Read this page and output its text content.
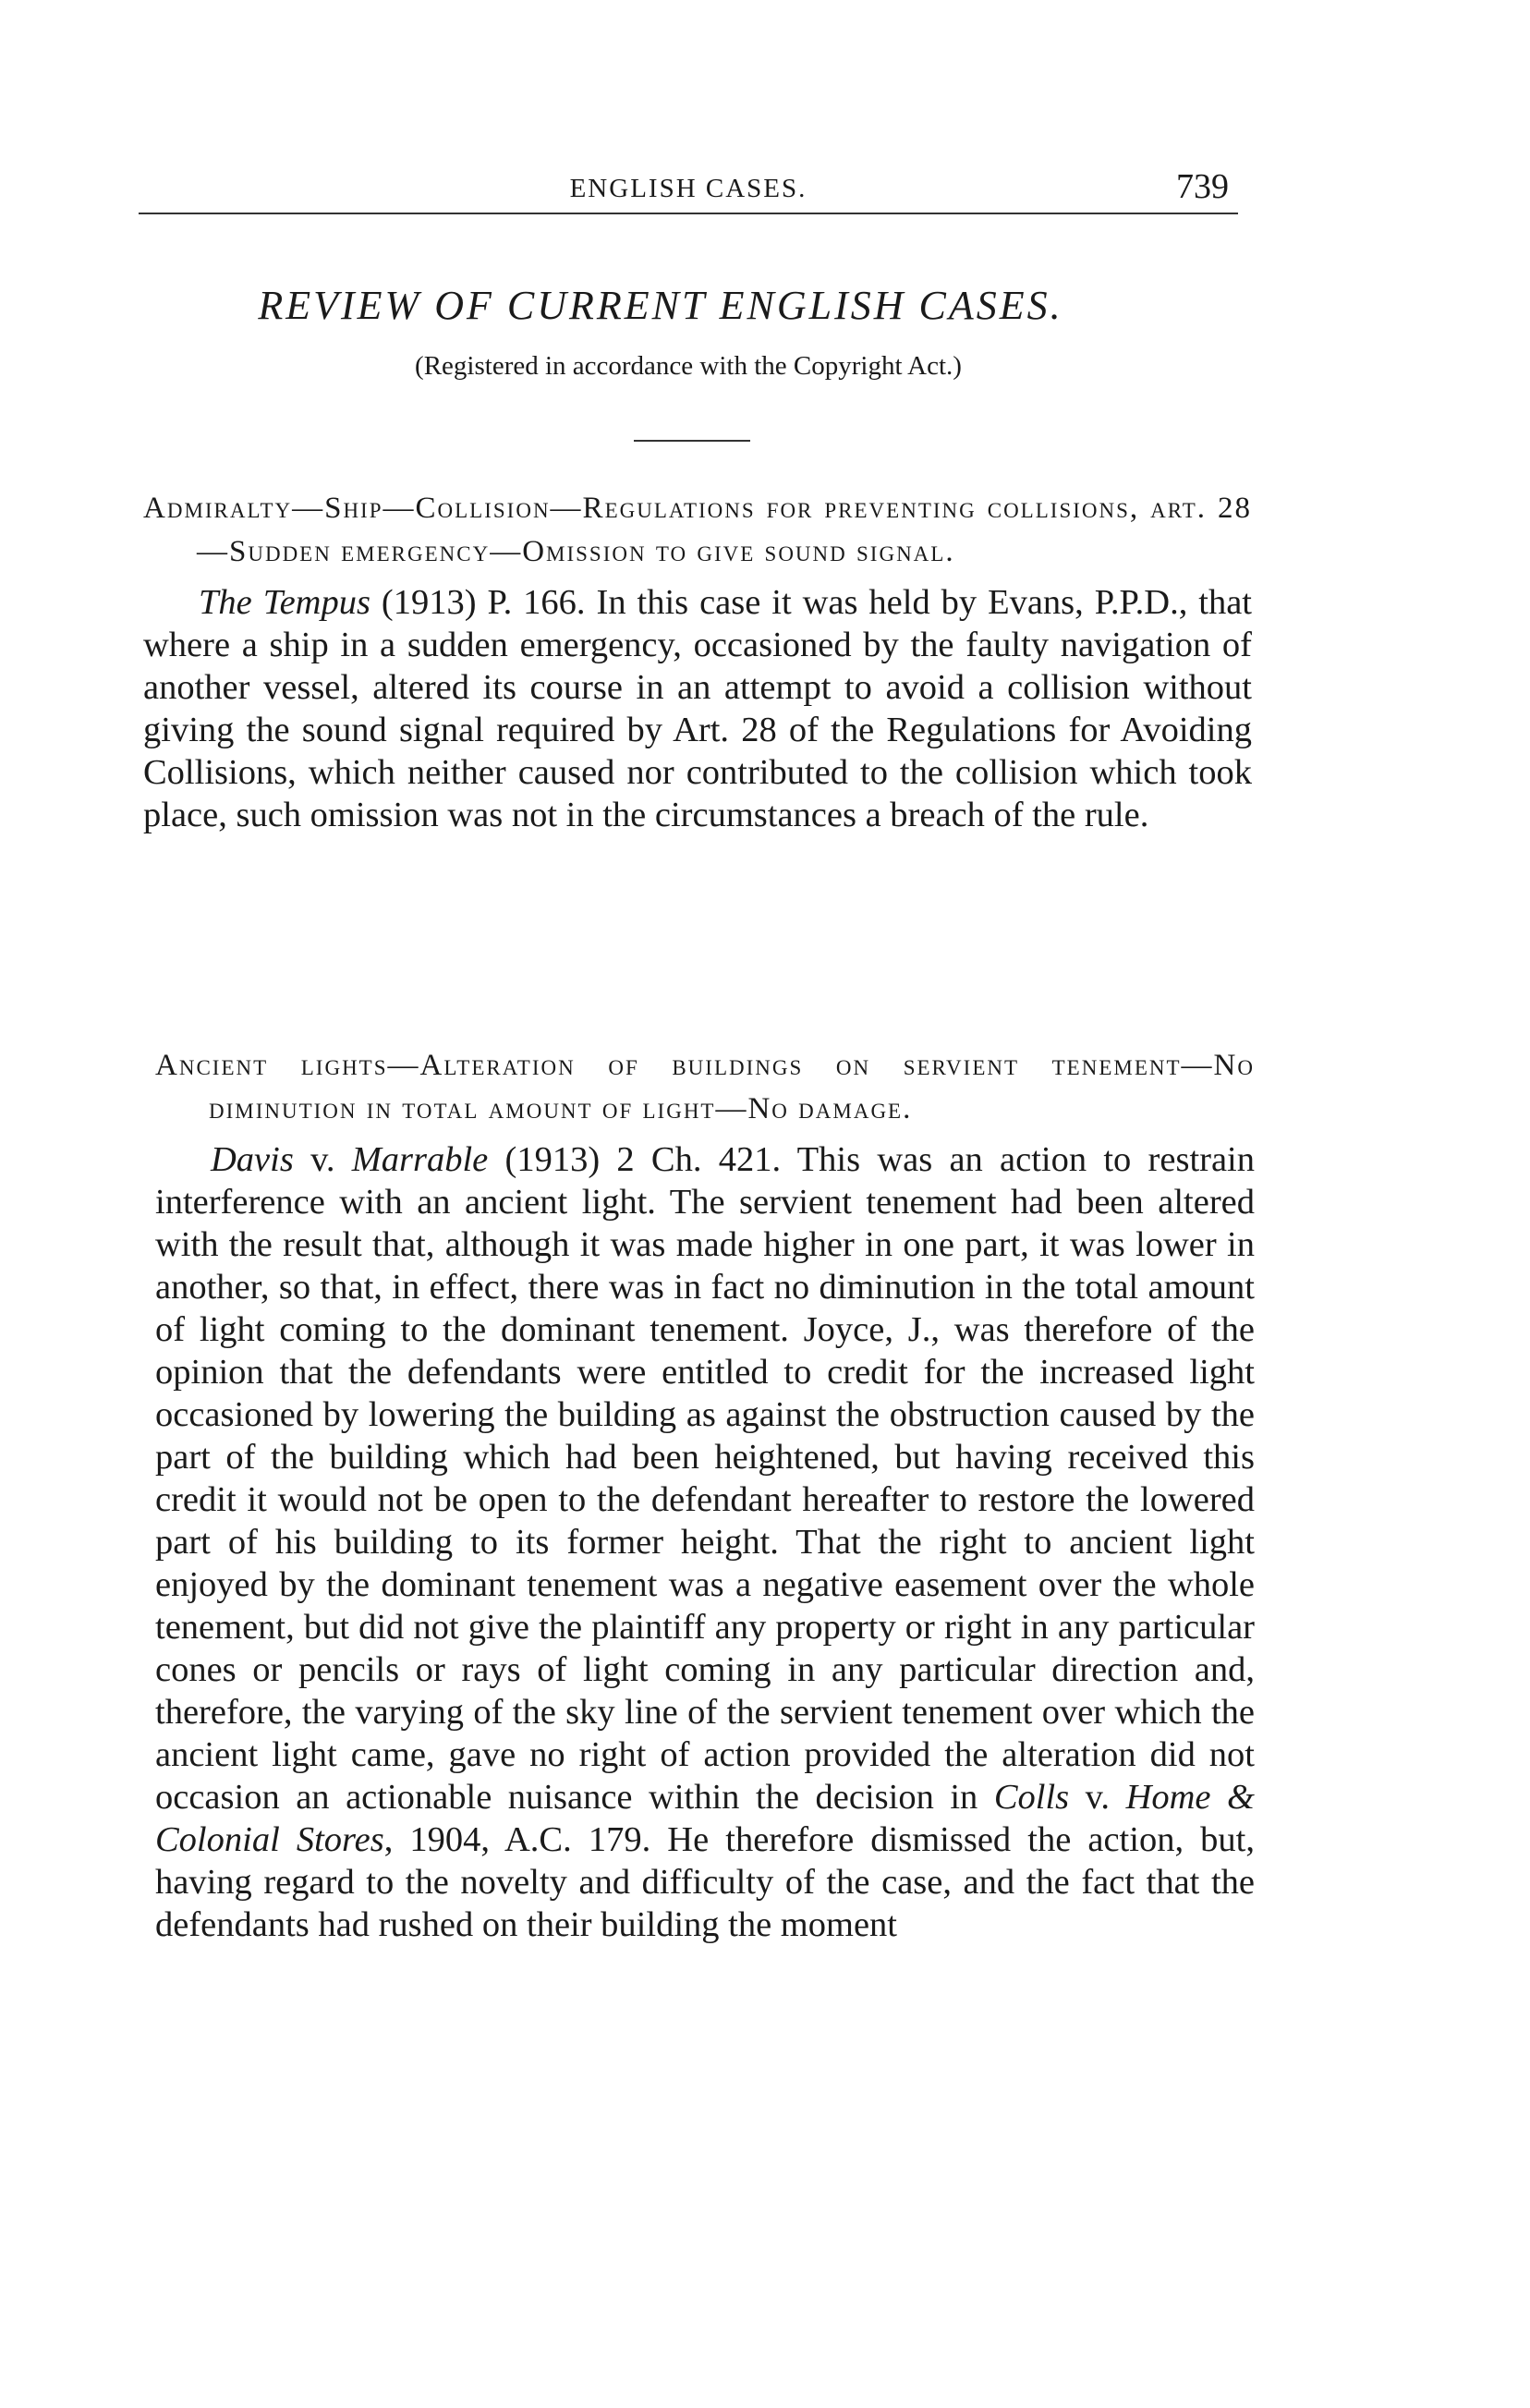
ENGLISH CASES.	739
REVIEW OF CURRENT ENGLISH CASES.
(Registered in accordance with the Copyright Act.)
Admiralty—Ship—Collision—Regulations for preventing collisions, art. 28—Sudden emergency—Omission to give sound signal.

The Tempus (1913) P. 166. In this case it was held by Evans, P.P.D., that where a ship in a sudden emergency, occasioned by the faulty navigation of another vessel, altered its course in an attempt to avoid a collision without giving the sound signal required by Art. 28 of the Regulations for Avoiding Collisions, which neither caused nor contributed to the collision which took place, such omission was not in the circumstances a breach of the rule.

Ancient lights—Alteration of buildings on servient tenement—No diminution in total amount of light—No damage.

Davis v. Marrable (1913) 2 Ch. 421. This was an action to restrain interference with an ancient light. The servient tenement had been altered with the result that, although it was made higher in one part, it was lower in another, so that, in effect, there was in fact no diminution in the total amount of light coming to the dominant tenement. Joyce, J., was therefore of the opinion that the defendants were entitled to credit for the increased light occasioned by lowering the building as against the obstruction caused by the part of the building which had been heightened, but having received this credit it would not be open to the defendant hereafter to restore the lowered part of his building to its former height. That the right to ancient light enjoyed by the dominant tenement was a negative easement over the whole tenement, but did not give the plaintiff any property or right in any particular cones or pencils or rays of light coming in any particular direction and, therefore, the varying of the sky line of the servient tenement over which the ancient light came, gave no right of action provided the alteration did not occasion an actionable nuisance within the decision in Colls v. Home & Colonial Stores, 1904, A.C. 179. He therefore dismissed the action, but, having regard to the novelty and difficulty of the case, and the fact that the defendants had rushed on their building the moment
